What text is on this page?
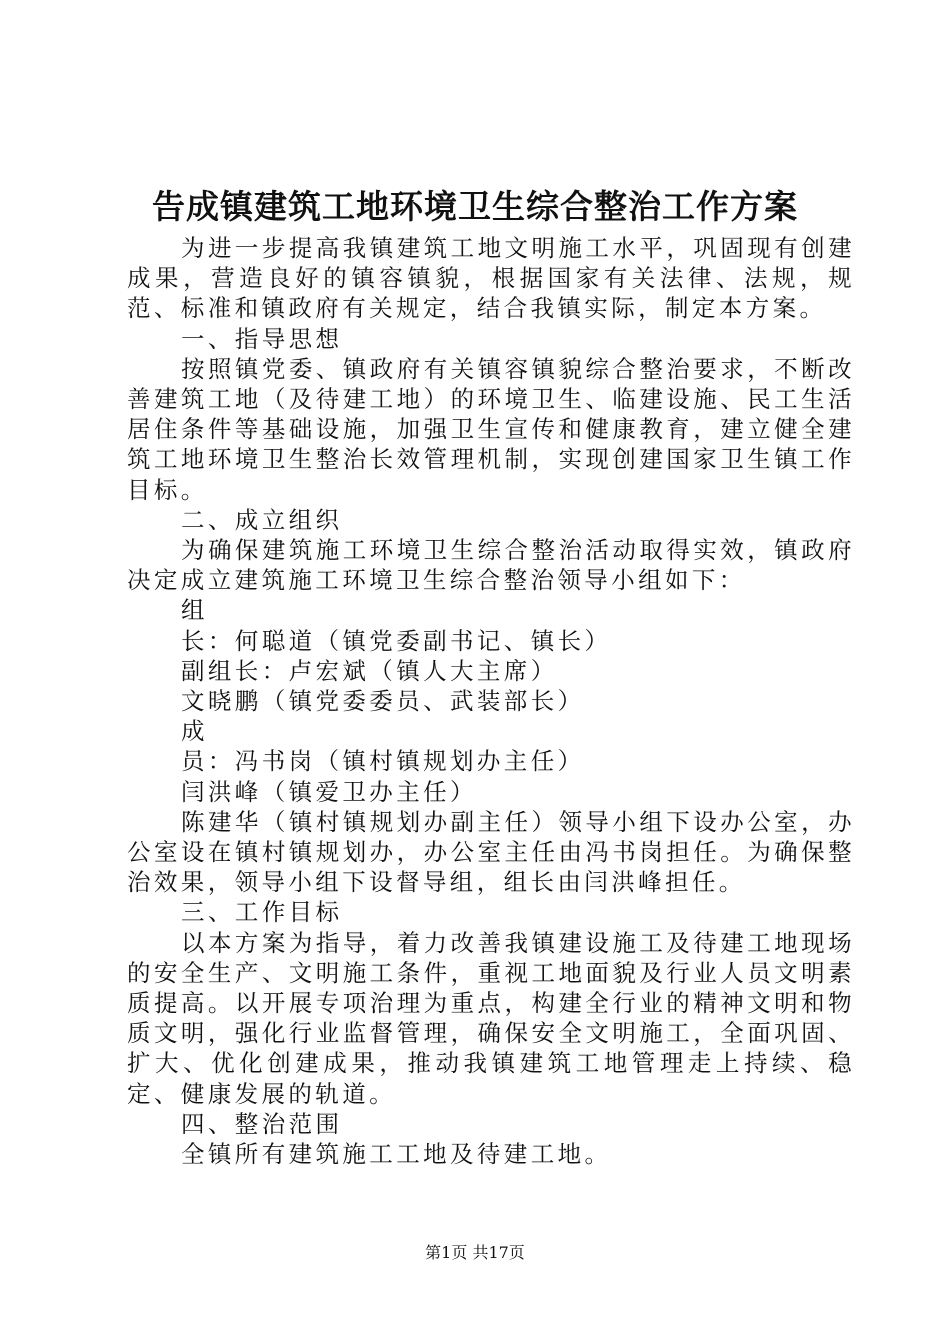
告成镇建筑工地环境卫生综合整治工作方案

为进一步提高我镇建筑工地文明施工水平，巩固现有创建成果，营造良好的镇容镇貌，根据国家有关法律、法规，规范、标准和镇政府有关规定，结合我镇实际，制定本方案。

一、指导思想

按照镇党委、镇政府有关镇容镇貌综合整治要求，不断改善建筑工地（及待建工地）的环境卫生、临建设施、民工生活居住条件等基础设施，加强卫生宣传和健康教育，建立健全建筑工地环境卫生整治长效管理机制，实现创建国家卫生镇工作目标。

二、成立组织

为确保建筑施工环境卫生综合整治活动取得实效，镇政府决定成立建筑施工环境卫生综合整治领导小组如下：

组

长：何聪道（镇党委副书记、镇长）

副组长：卢宏斌（镇人大主席）

文晓鹏（镇党委委员、武装部长）

成

员：冯书岗（镇村镇规划办主任）

闫洪峰（镇爱卫办主任）

陈建华（镇村镇规划办副主任）领导小组下设办公室，办公室设在镇村镇规划办，办公室主任由冯书岗担任。为确保整治效果，领导小组下设督导组，组长由闫洪峰担任。

三、工作目标

以本方案为指导，着力改善我镇建设施工及待建工地现场的安全生产、文明施工条件，重视工地面貌及行业人员文明素质提高。以开展专项治理为重点，构建全行业的精神文明和物质文明，强化行业监督管理，确保安全文明施工，全面巩固、扩大、优化创建成果，推动我镇建筑工地管理走上持续、稳定、健康发展的轨道。

四、整治范围

全镇所有建筑施工工地及待建工地。

第1页 共17页
